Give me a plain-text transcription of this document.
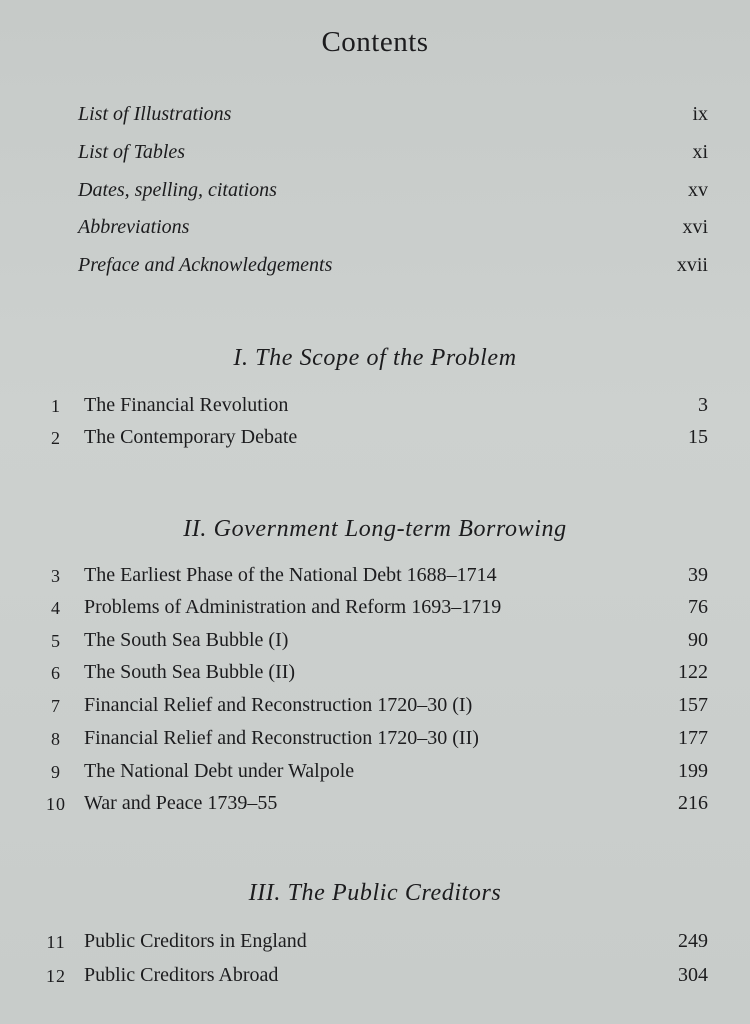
Contents
List of Illustrations	ix
List of Tables	xi
Dates, spelling, citations	xv
Abbreviations	xvi
Preface and Acknowledgements	xvii
I. The Scope of the Problem
1	The Financial Revolution	3
2	The Contemporary Debate	15
II. Government Long-term Borrowing
3	The Earliest Phase of the National Debt 1688–1714	39
4	Problems of Administration and Reform 1693–1719	76
5	The South Sea Bubble (I)	90
6	The South Sea Bubble (II)	122
7	Financial Relief and Reconstruction 1720–30 (I)	157
8	Financial Relief and Reconstruction 1720–30 (II)	177
9	The National Debt under Walpole	199
10 War and Peace 1739–55	216
III. The Public Creditors
11 Public Creditors in England	249
12 Public Creditors Abroad	304
